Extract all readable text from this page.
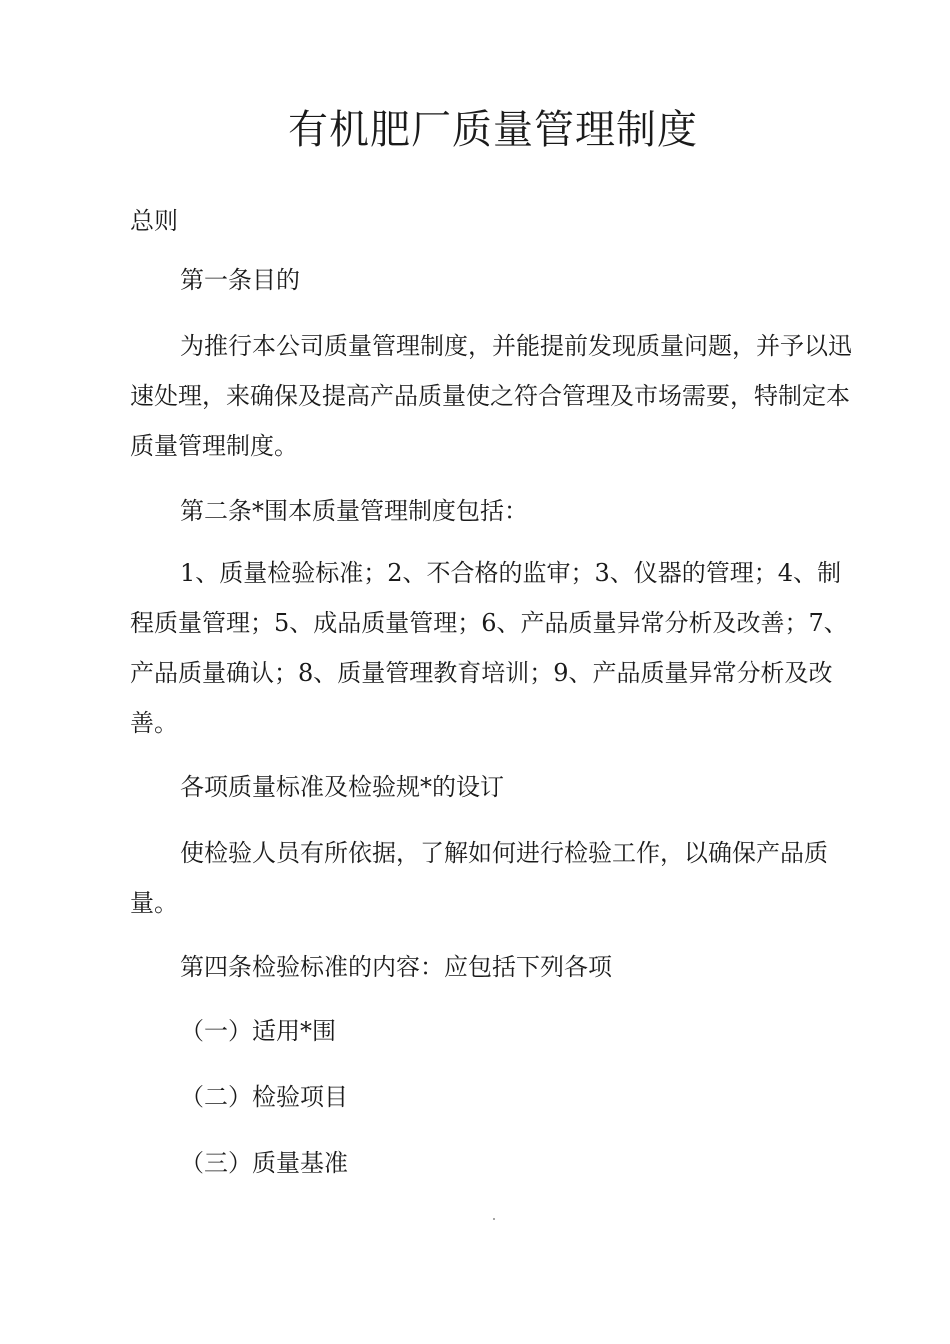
有机肥厂质量管理制度

总则

第一条目的

为推行本公司质量管理制度，并能提前发现质量问题，并予以迅速处理，来确保及提高产品质量使之符合管理及市场需要，特制定本质量管理制度。

第二条*围本质量管理制度包括：

1、质量检验标准；2、不合格的监审；3、仪器的管理；4、制程质量管理；5、成品质量管理；6、产品质量异常分析及改善；7、产品质量确认；8、质量管理教育培训；9、产品质量异常分析及改善。

各项质量标准及检验规*的设订

使检验人员有所依据，了解如何进行检验工作，以确保产品质量。

第四条检验标准的内容：应包括下列各项

（一）适用*围

（二）检验项目

（三）质量基准
